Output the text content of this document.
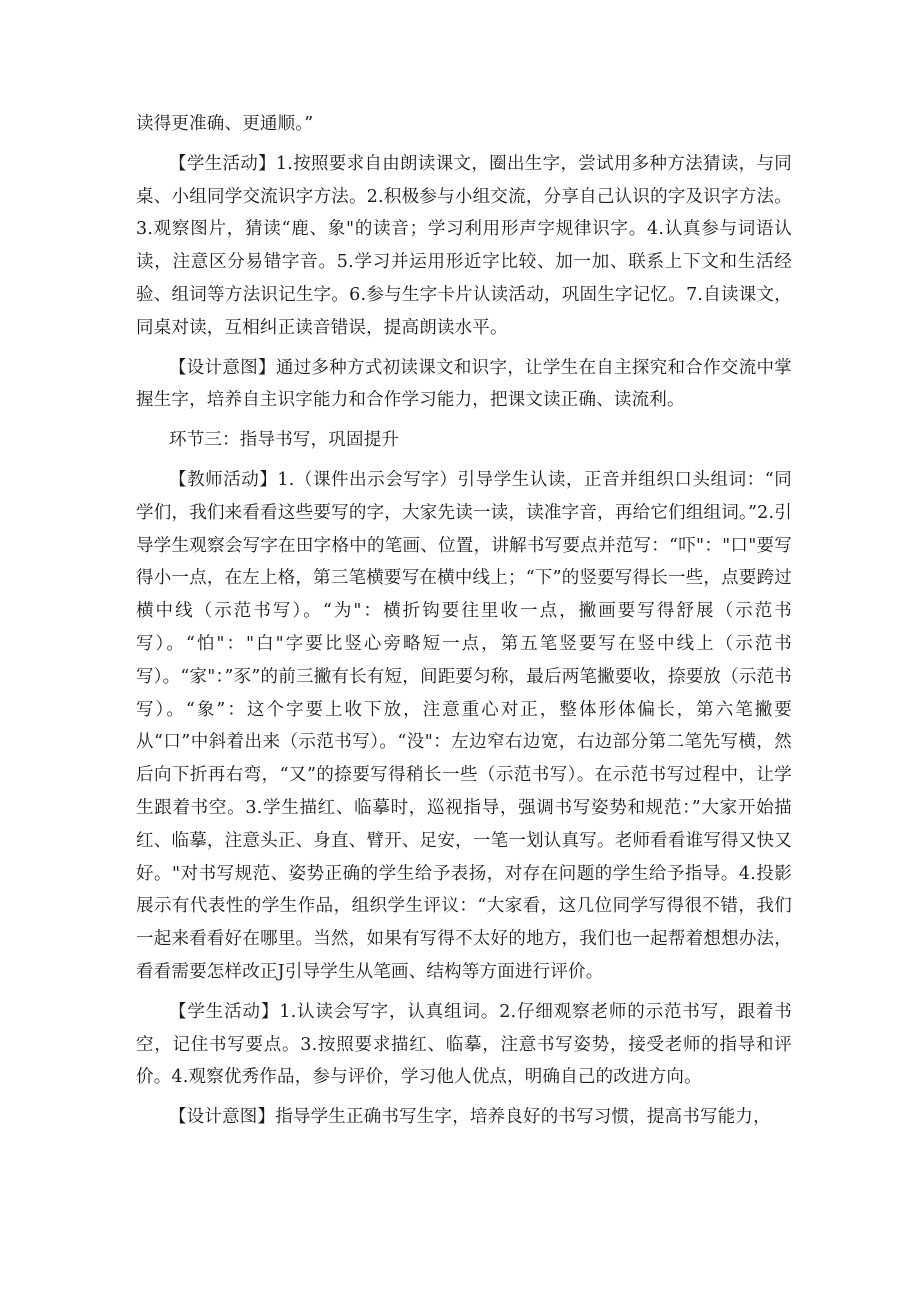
读得更准确、更通顺。”

【学生活动】1.按照要求自由朗读课文，圈出生字，尝试用多种方法猜读，与同桌、小组同学交流识字方法。2.积极参与小组交流，分享自己认识的字及识字方法。3.观察图片，猜读“鹿、象"的读音；学习利用形声字规律识字。4.认真参与词语认读，注意区分易错字音。5.学习并运用形近字比较、加一加、联系上下文和生活经验、组词等方法识记生字。6.参与生字卡片认读活动，巩固生字记忆。7.自读课文，同桌对读，互相纠正读音错误，提高朗读水平。

【设计意图】通过多种方式初读课文和识字，让学生在自主探究和合作交流中掌握生字，培养自主识字能力和合作学习能力，把课文读正确、读流利。

环节三：指导书写，巩固提升

【教师活动】1.（课件出示会写字）引导学生认读，正音并组织口头组词：“同学们，我们来看看这些要写的字，大家先读一读，读准字音，再给它们组组词。”2.引导学生观察会写字在田字格中的笔画、位置，讲解书写要点并范写：“吓"："口"要写得小一点，在左上格，第三笔横要写在横中线上；“下”的竖要写得长一些，点要跨过横中线（示范书写）。“为"：横折钩要往里收一点，撇画要写得舒展（示范书写）。“怕"："白"字要比竖心旁略短一点，第五笔竖要写在竖中线上（示范书写）。“家"：”豕”的前三撇有长有短，间距要匀称，最后两笔撇要收，捺要放（示范书写）。“象”：这个字要上收下放，注意重心对正，整体形体偏长，第六笔撇要从“口”中斜着出来（示范书写）。“没"：左边窄右边宽，右边部分第二笔先写横，然后向下折再右弯，“又”的捺要写得稍长一些（示范书写）。在示范书写过程中，让学生跟着书空。3.学生描红、临摹时，巡视指导，强调书写姿势和规范：”大家开始描红、临摹，注意头正、身直、臂开、足安，一笔一划认真写。老师看看谁写得又快又好。"对书写规范、姿势正确的学生给予表扬，对存在问题的学生给予指导。4.投影展示有代表性的学生作品，组织学生评议：“大家看，这几位同学写得很不错，我们一起来看看好在哪里。当然，如果有写得不太好的地方，我们也一起帮着想想办法，看看需要怎样改正J引导学生从笔画、结构等方面进行评价。

【学生活动】1.认读会写字，认真组词。2.仔细观察老师的示范书写，跟着书空，记住书写要点。3.按照要求描红、临摹，注意书写姿势，接受老师的指导和评价。4.观察优秀作品，参与评价，学习他人优点，明确自己的改进方向。

【设计意图】指导学生正确书写生字，培养良好的书写习惯，提高书写能力，
